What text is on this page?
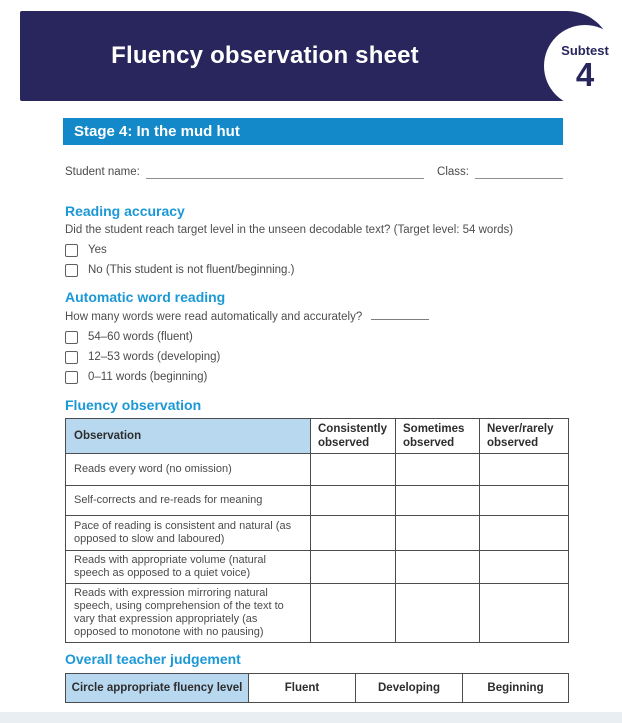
Fluency observation sheet	Subtest
4
Stage 4: In the mud hut
Student name:	Class:
Reading accuracy
Did the student reach target level in the unseen decodable text? (Target level: 54 words)
Yes
No (This student is not fluent/beginning.)
Automatic word reading
How many words were read automatically and accurately?
54–60 words (fluent)
12–53 words (developing)
0–11 words (beginning)
Fluency observation
Observation	Consistently observed	Sometimes observed	Never/rarely observed
Reads every word (no omission)			
Self-corrects and re-reads for meaning			
Pace of reading is consistent and natural (as opposed to slow and laboured)			
Reads with appropriate volume (natural speech as opposed to a quiet voice)			
Reads with expression mirroring natural speech, using comprehension of the text to vary that expression appropriately (as opposed to monotone with no pausing)			
Overall teacher judgement
Circle appropriate fluency level	Fluent	Developing	Beginning
